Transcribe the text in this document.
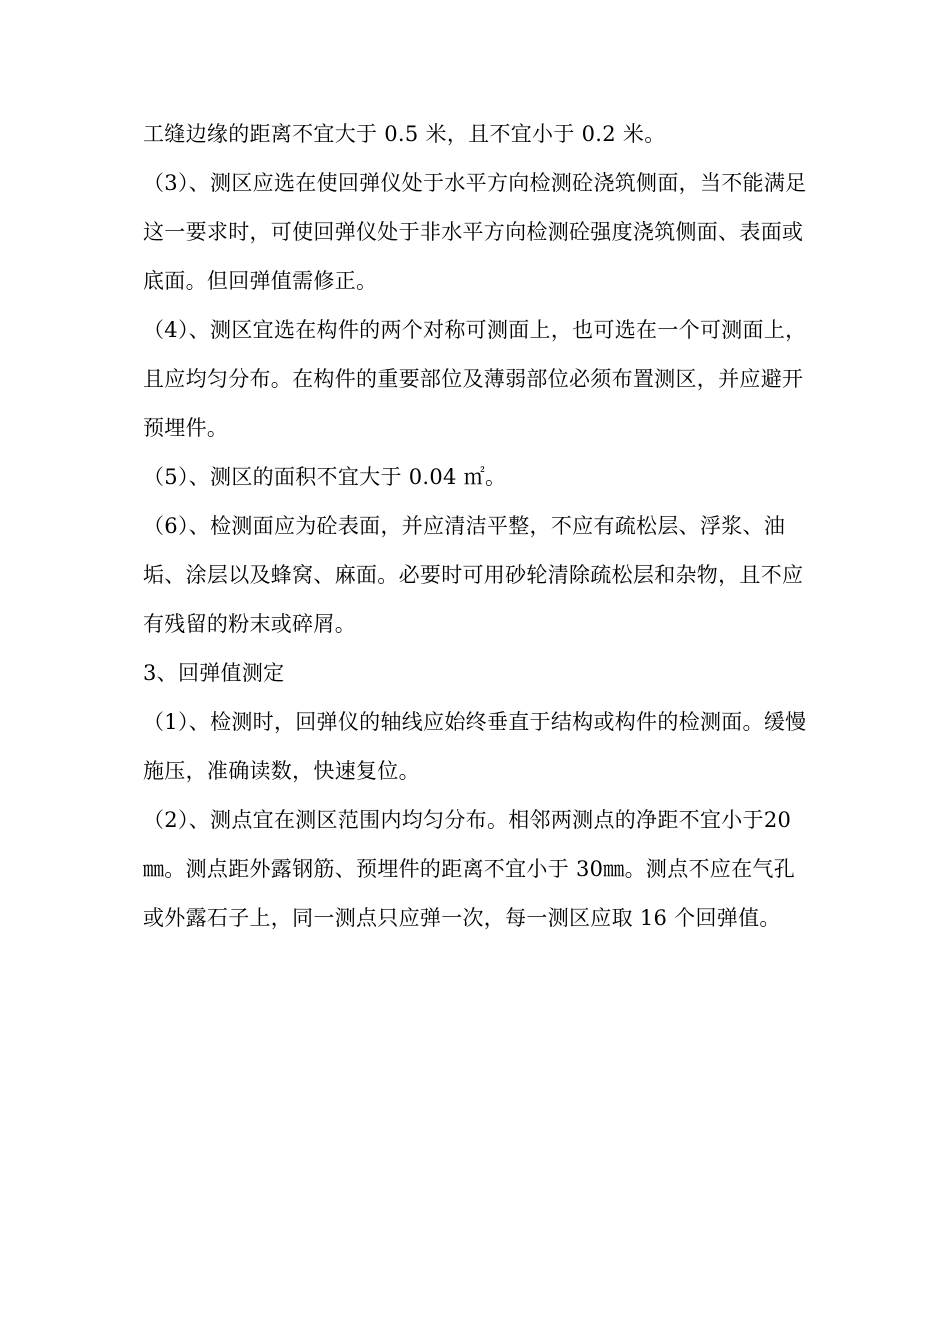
工缝边缘的距离不宜大于 0.5 米，且不宜小于 0.2 米。

（3）、测区应选在使回弹仪处于水平方向检测砼浇筑侧面，当不能满足这一要求时，可使回弹仪处于非水平方向检测砼强度浇筑侧面、表面或底面。但回弹值需修正。

（4）、测区宜选在构件的两个对称可测面上，也可选在一个可测面上，且应均匀分布。在构件的重要部位及薄弱部位必须布置测区，并应避开预埋件。

（5）、测区的面积不宜大于 0.04 ㎡。

（6）、检测面应为砼表面，并应清洁平整，不应有疏松层、浮浆、油垢、涂层以及蜂窝、麻面。必要时可用砂轮清除疏松层和杂物，且不应有残留的粉末或碎屑。

3、回弹值测定

（1）、检测时，回弹仪的轴线应始终垂直于结构或构件的检测面。缓慢施压，准确读数，快速复位。

（2）、测点宜在测区范围内均匀分布。相邻两测点的净距不宜小于20㎜。测点距外露钢筋、预埋件的距离不宜小于 30㎜。测点不应在气孔或外露石子上，同一测点只应弹一次，每一测区应取 16 个回弹值。
